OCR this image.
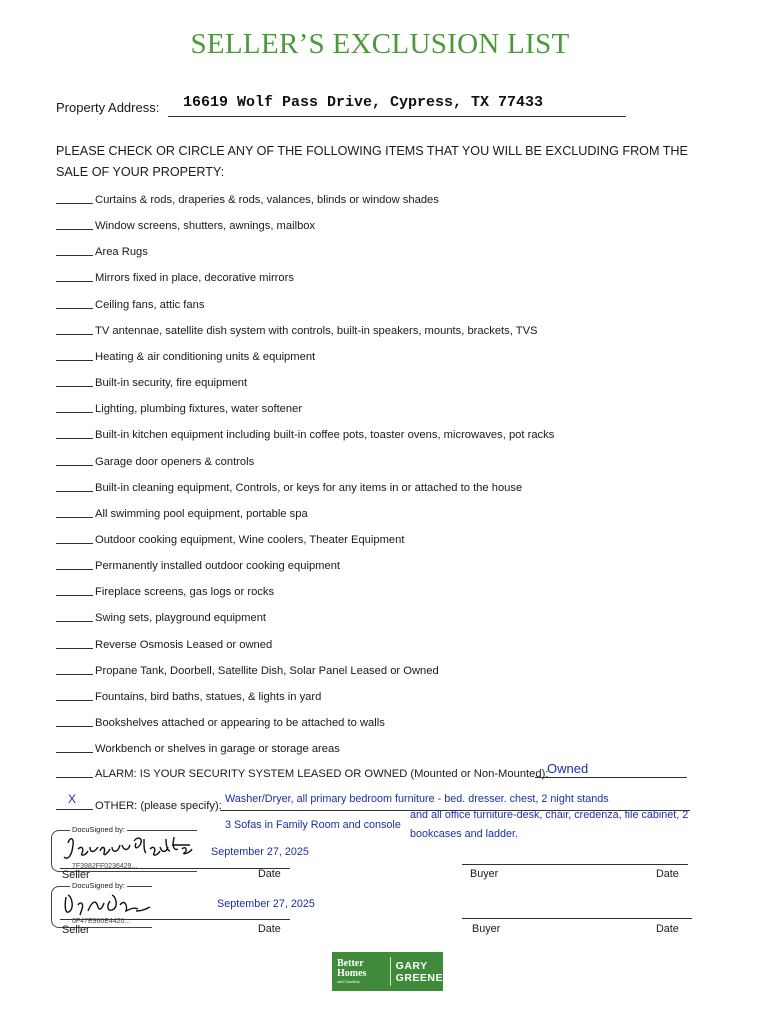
SELLER’S EXCLUSION LIST
Property Address: 16619 Wolf Pass Drive, Cypress, TX 77433
PLEASE CHECK OR CIRCLE ANY OF THE FOLLOWING ITEMS THAT YOU WILL BE EXCLUDING FROM THE SALE OF YOUR PROPERTY:
Curtains & rods, draperies & rods, valances, blinds or window shades
Window screens, shutters, awnings, mailbox
Area Rugs
Mirrors fixed in place, decorative mirrors
Ceiling fans, attic fans
TV antennae, satellite dish system with controls, built-in speakers, mounts, brackets, TVS
Heating & air conditioning units & equipment
Built-in security, fire equipment
Lighting, plumbing fixtures, water softener
Built-in kitchen equipment including built-in coffee pots, toaster ovens, microwaves, pot racks
Garage door openers & controls
Built-in cleaning equipment, Controls, or keys for any items in or attached to the house
All swimming pool equipment, portable spa
Outdoor cooking equipment, Wine coolers, Theater Equipment
Permanently installed outdoor cooking equipment
Fireplace screens, gas logs or rocks
Swing sets, playground equipment
Reverse Osmosis Leased or owned
Propane Tank, Doorbell, Satellite Dish, Solar Panel Leased or Owned
Fountains, bird baths, statues, & lights in yard
Bookshelves attached or appearing to be attached to walls
Workbench or shelves in garage or storage areas
ALARM: IS YOUR SECURITY SYSTEM LEASED OR OWNED (Mounted or Non-Mounted):
Owned
OTHER: (please specify):
X	Washer/Dryer, all primary bedroom furniture - bed. dresser. chest, 2 night stands
and all office furniture-desk, chair, credenza, file cabinet, 2
3 Sofas in Family Room and console
bookcases and ladder.
DocuSigned by:
7F3982FF0236429...
September 27, 2025
Seller	Date	Buyer	Date
DocuSigned by:
0F47E960E4420...
September 27, 2025
Seller	Date	Buyer	Date
Better
Homes
and Gardens
GARY
GREENE
